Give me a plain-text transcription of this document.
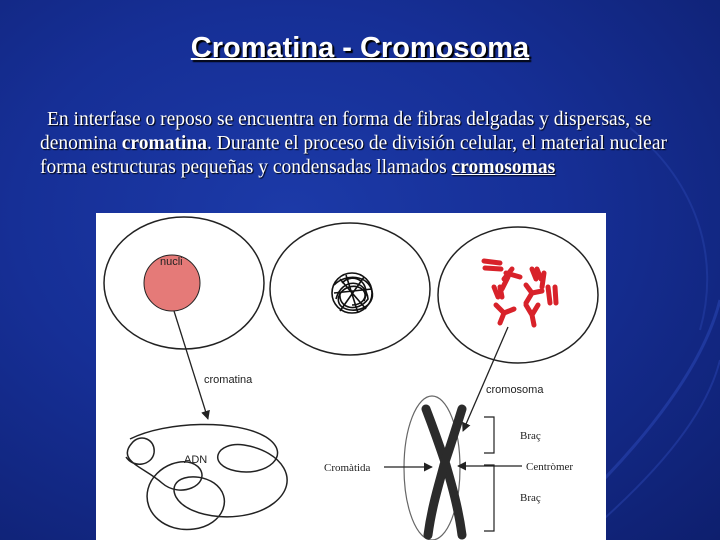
Cromatina - Cromosoma
En interfase o reposo se encuentra en forma de fibras delgadas y dispersas, se denomina cromatina. Durante el proceso de división celular, el material nuclear forma estructuras pequeñas y condensadas llamados cromosomas
nucli
cromatina
cromosoma
ADN
Cromàtida
Braç
Centròmer
Braç
